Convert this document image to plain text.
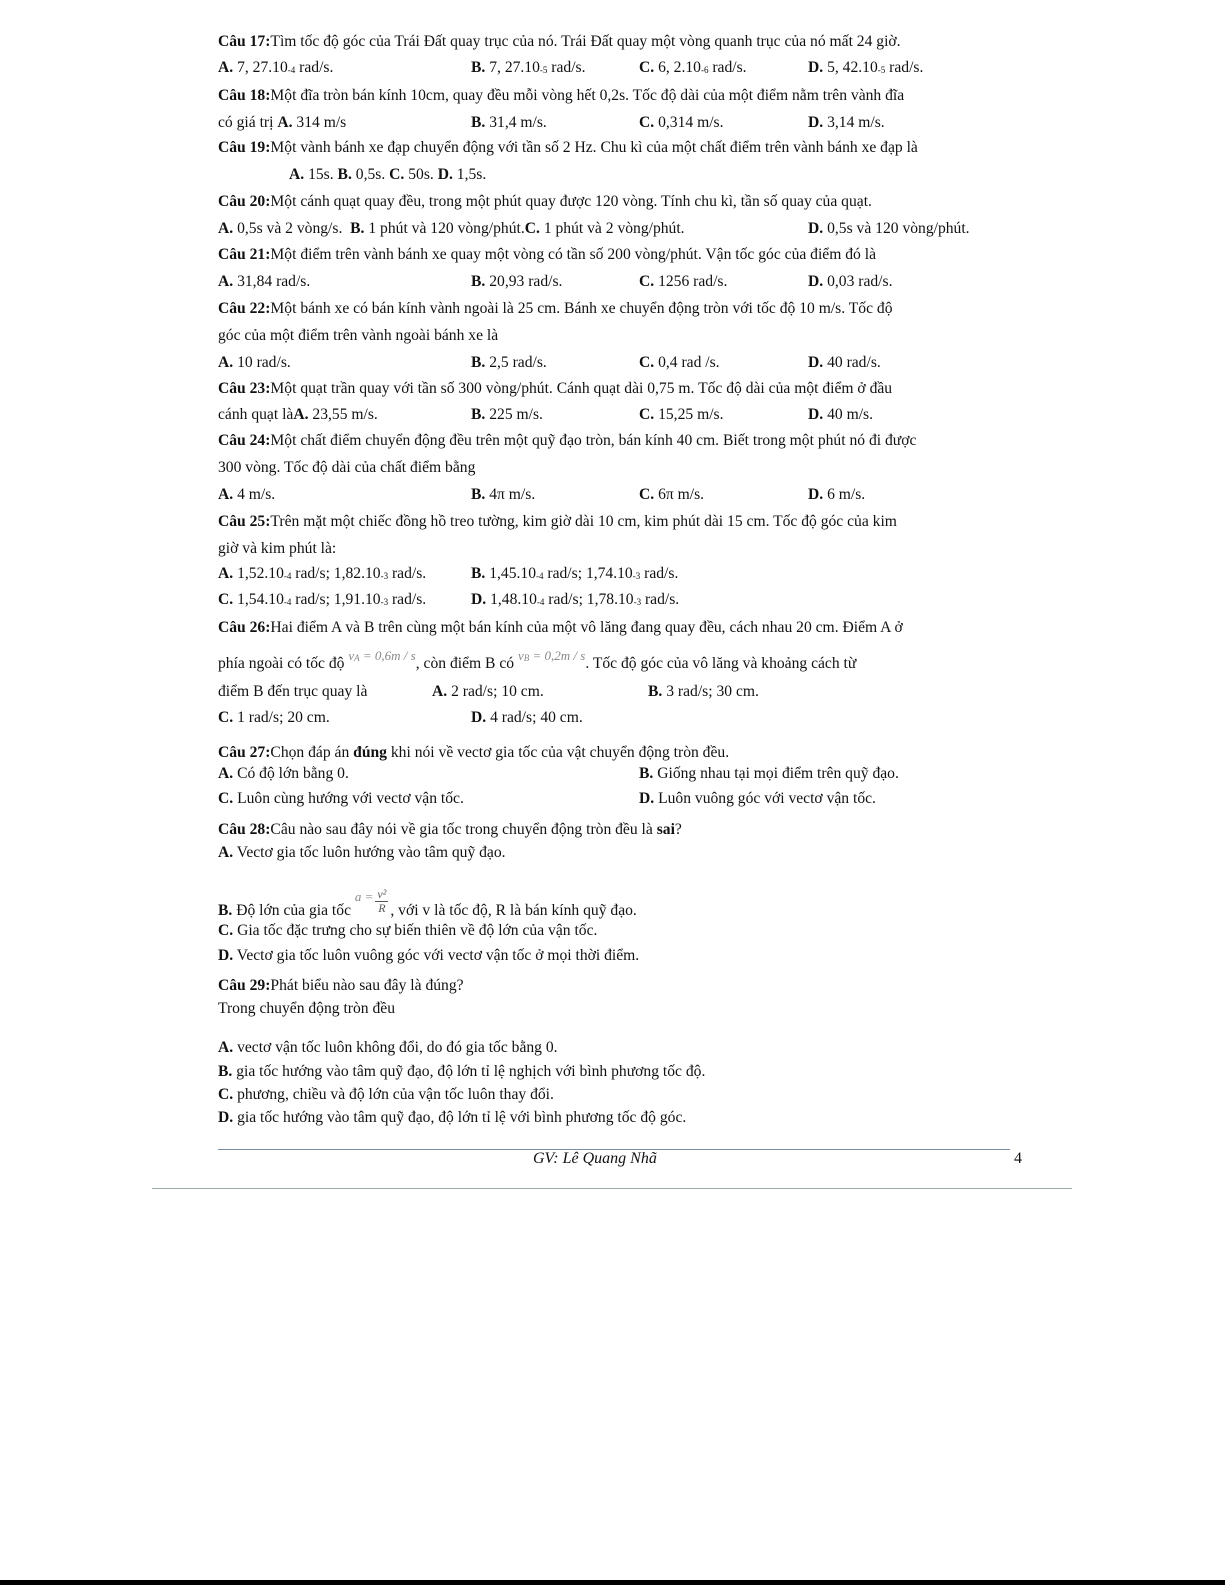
Câu 17:Tìm tốc độ góc của Trái Đất quay trục của nó. Trái Đất quay một vòng quanh trục của nó mất 24 giờ.
A. 7, $27.10_{-4}$ rad/s.	B. 7, $27.10_{-5}$ rad/s.	C. 6, $2.10_{-6}$ rad/s.	D. 5, $42.10_{-5}$ rad/s.
Câu 18:Một đĩa tròn bán kính 10cm, quay đều mỗi vòng hết 0,2s. Tốc độ dài của một điểm nằm trên vành đĩa
có giá trị A. 314 m/s	B. 31,4 m/s.	C. 0,314 m/s.	D. 3,14 m/s.
Câu 19:Một vành bánh xe đạp chuyển động với tần số 2 Hz. Chu kì của một chất điểm trên vành bánh xe đạp là
A. 15s. B. 0,5s. C. 50s. D. 1,5s.
Câu 20:Một cánh quạt quay đều, trong một phút quay được 120 vòng. Tính chu kì, tần số quay của quạt.
A. 0,5s và 2 vòng/s. B. 1 phút và 120 vòng/phút.C. 1 phút và 2 vòng/phút.	D. 0,5s và 120 vòng/phút.
Câu 21:Một điểm trên vành bánh xe quay một vòng có tần số 200 vòng/phút. Vận tốc góc của điểm đó là
A. 31,84 rad/s.	B. 20,93 rad/s.	C. 1256 rad/s.	D. 0,03 rad/s.
Câu 22:Một bánh xe có bán kính vành ngoài là 25 cm. Bánh xe chuyển động tròn với tốc độ 10 m/s. Tốc độ
góc của một điểm trên vành ngoài bánh xe là
A. 10 rad/s.	B. 2,5 rad/s.	C. 0,4 rad /s.	D. 40 rad/s.
Câu 23:Một quạt trần quay với tần số 300 vòng/phút. Cánh quạt dài 0,75 m. Tốc độ dài của một điểm ở đầu
cánh quạt làA. 23,55 m/s.	B. 225 m/s.	C. 15,25 m/s.	D. 40 m/s.
Câu 24:Một chất điểm chuyển động đều trên một quỹ đạo tròn, bán kính 40 cm. Biết trong một phút nó đi được
300 vòng. Tốc độ dài của chất điểm bằng
A. 4 m/s.	B. 4π m/s.	C. 6π m/s.	D. 6 m/s.
Câu 25:Trên mặt một chiếc đồng hồ treo tường, kim giờ dài 10 cm, kim phút dài 15 cm. Tốc độ góc của kim
giờ và kim phút là:
A. $1,52.10_{-4}$ rad/s; $1,82.10_{-3}$ rad/s.	B. $1,45.10_{-4}$ rad/s; $1,74.10_{-3}$ rad/s.
C. $1,54.10_{-4}$ rad/s; $1,91.10_{-3}$ rad/s.	D. $1,48.10_{-4}$ rad/s; $1,78.10_{-3}$ rad/s.
Câu 26:Hai điểm A và B trên cùng một bán kính của một vô lăng đang quay đều, cách nhau 20 cm. Điểm A ở
phía ngoài có tốc độ $^{v_A = 0,6m / s}$, còn điểm B có $^{v_B = 0,2m / s}$. Tốc độ góc của vô lăng và khoảng cách từ
điểm B đến trục quay là	A. 2 rad/s; 10 cm.	B. 3 rad/s; 30 cm.
C. 1 rad/s; 20 cm.	D. 4 rad/s; 40 cm.
Câu 27:Chọn đáp án đúng khi nói về vectơ gia tốc của vật chuyển động tròn đều.
A. Có độ lớn bằng 0.	B. Giống nhau tại mọi điểm trên quỹ đạo.
C. Luôn cùng hướng với vectơ vận tốc.	D. Luôn vuông góc với vectơ vận tốc.
Câu 28:Câu nào sau đây nói về gia tốc trong chuyển động tròn đều là sai?
A. Vectơ gia tốc luôn hướng vào tâm quỹ đạo.
B. Độ lớn của gia tốc $^{a =} \frac{\text{v²}}{R}$ , với v là tốc độ, R là bán kính quỹ đạo.
C. Gia tốc đặc trưng cho sự biến thiên về độ lớn của vận tốc.
D. Vectơ gia tốc luôn vuông góc với vectơ vận tốc ở mọi thời điểm.
Câu 29:Phát biểu nào sau đây là đúng?
Trong chuyển động tròn đều
A. vectơ vận tốc luôn không đổi, do đó gia tốc bằng 0.
B. gia tốc hướng vào tâm quỹ đạo, độ lớn tỉ lệ nghịch với bình phương tốc độ.
C. phương, chiều và độ lớn của vận tốc luôn thay đổi.
D. gia tốc hướng vào tâm quỹ đạo, độ lớn tỉ lệ với bình phương tốc độ góc.
GV: Lê Quang Nhã	4
